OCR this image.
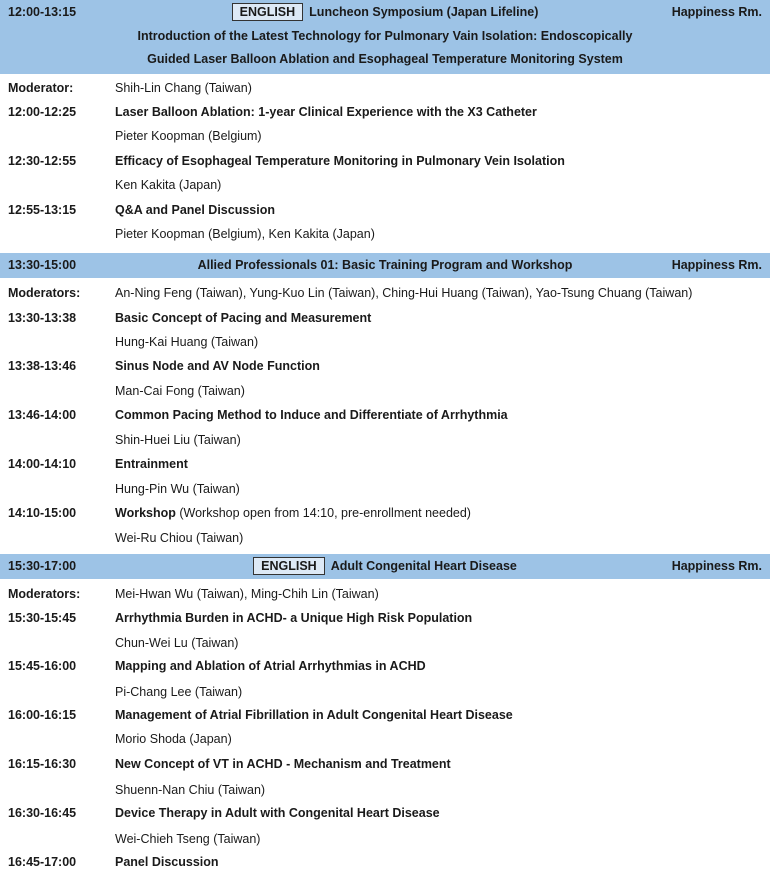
12:00-13:15	ENGLISH Luncheon Symposium (Japan Lifeline)	Happiness Rm.
Introduction of the Latest Technology for Pulmonary Vain Isolation: Endoscopically
Guided Laser Balloon Ablation and Esophageal Temperature Monitoring System
Moderator:	Shih-Lin Chang (Taiwan)
12:00-12:25	Laser Balloon Ablation: 1-year Clinical Experience with the X3 Catheter
Pieter Koopman (Belgium)
12:30-12:55	Efficacy of Esophageal Temperature Monitoring in Pulmonary Vein Isolation
Ken Kakita (Japan)
12:55-13:15	Q&A and Panel Discussion
Pieter Koopman (Belgium), Ken Kakita (Japan)
13:30-15:00	Allied Professionals 01: Basic Training Program and Workshop	Happiness Rm.
Moderators:	An-Ning Feng (Taiwan), Yung-Kuo Lin (Taiwan), Ching-Hui Huang (Taiwan), Yao-Tsung Chuang (Taiwan)
13:30-13:38	Basic Concept of Pacing and Measurement
Hung-Kai Huang (Taiwan)
13:38-13:46	Sinus Node and AV Node Function
Man-Cai Fong (Taiwan)
13:46-14:00	Common Pacing Method to Induce and Differentiate of Arrhythmia
Shin-Huei Liu (Taiwan)
14:00-14:10	Entrainment
Hung-Pin Wu (Taiwan)
14:10-15:00	Workshop (Workshop open from 14:10, pre-enrollment needed)
Wei-Ru Chiou (Taiwan)
15:30-17:00	ENGLISH Adult Congenital Heart Disease	Happiness Rm.
Moderators:	Mei-Hwan Wu (Taiwan), Ming-Chih Lin (Taiwan)
15:30-15:45	Arrhythmia Burden in ACHD- a Unique High Risk Population
Chun-Wei Lu (Taiwan)
15:45-16:00	Mapping and Ablation of Atrial Arrhythmias in ACHD
Pi-Chang Lee (Taiwan)
16:00-16:15	Management of Atrial Fibrillation in Adult Congenital Heart Disease
Morio Shoda (Japan)
16:15-16:30	New Concept of VT in ACHD - Mechanism and Treatment
Shuenn-Nan Chiu (Taiwan)
16:30-16:45	Device Therapy in Adult with Congenital Heart Disease
Wei-Chieh Tseng (Taiwan)
16:45-17:00	Panel Discussion
